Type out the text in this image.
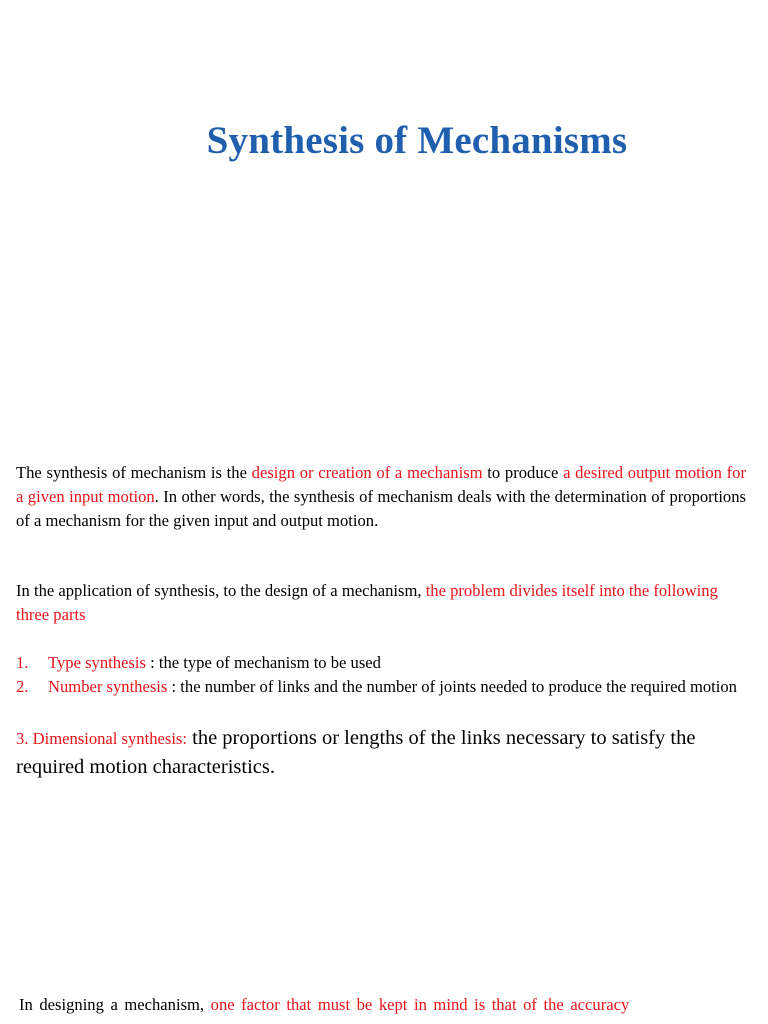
Synthesis of Mechanisms

The synthesis of mechanism is the design or creation of a mechanism to produce a desired output motion for a given input motion. In other words, the synthesis of mechanism deals with the determination of proportions of a mechanism for the given input and output motion.

In the application of synthesis, to the design of a mechanism, the problem divides itself into the following three parts

1.	Type synthesis : the type of mechanism to be used
2.	Number synthesis : the number of links and the number of joints needed to produce the required motion

3. Dimensional synthesis: the proportions or lengths of the links necessary to satisfy the required motion characteristics.

In designing a mechanism, one factor that must be kept in mind is that of the accuracy
